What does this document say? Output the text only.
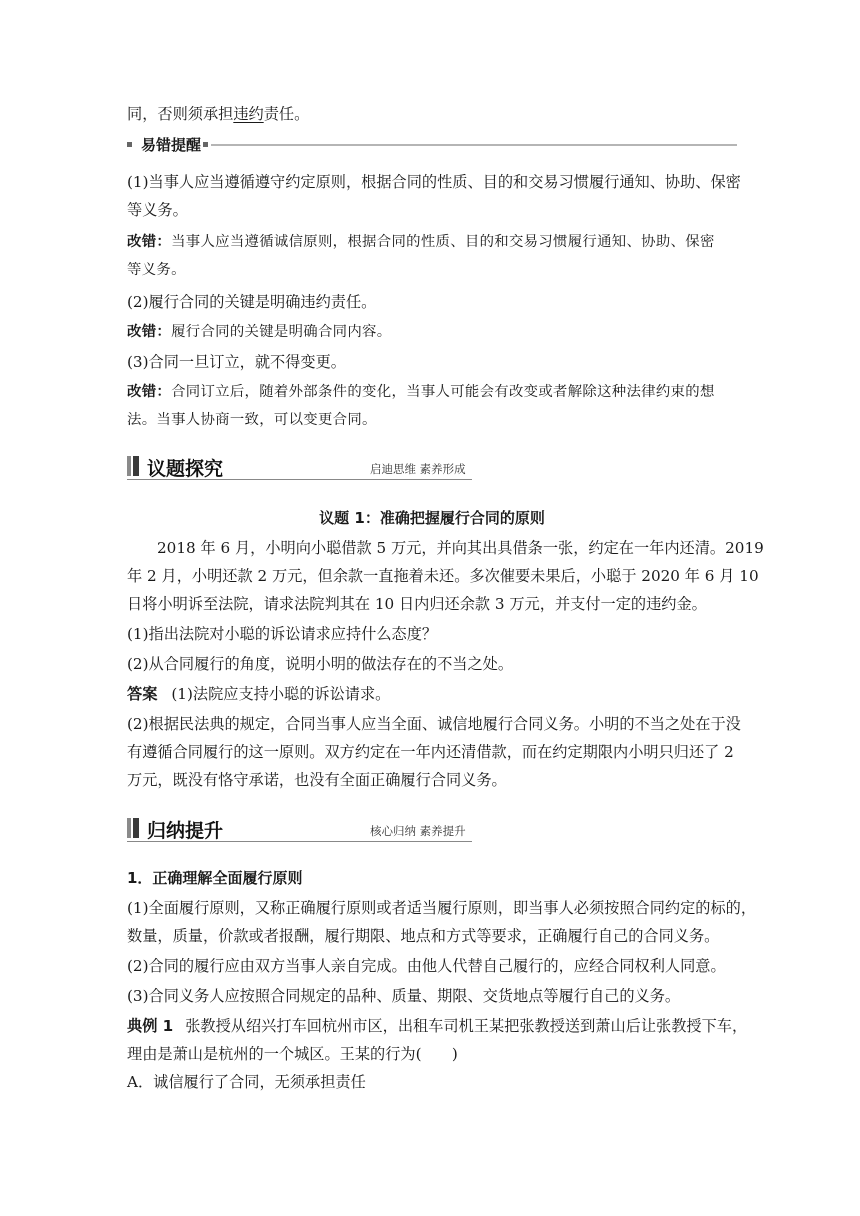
同，否则须承担违约责任。
易错提醒
(1)当事人应当遵循遵守约定原则，根据合同的性质、目的和交易习惯履行通知、协助、保密
等义务。
改错：当事人应当遵循诚信原则，根据合同的性质、目的和交易习惯履行通知、协助、保密
等义务。
(2)履行合同的关键是明确违约责任。
改错：履行合同的关键是明确合同内容。
(3)合同一旦订立，就不得变更。
改错：合同订立后，随着外部条件的变化，当事人可能会有改变或者解除这种法律约束的想
法。当事人协商一致，可以变更合同。
议题探究	启迪思维 素养形成
议题 1：准确把握履行合同的原则
2018 年 6 月，小明向小聪借款 5 万元，并向其出具借条一张，约定在一年内还清。2019
年 2 月，小明还款 2 万元，但余款一直拖着未还。多次催要未果后，小聪于 2020 年 6 月 10
日将小明诉至法院，请求法院判其在 10 日内归还余款 3 万元，并支付一定的违约金。
(1)指出法院对小聪的诉讼请求应持什么态度？
(2)从合同履行的角度，说明小明的做法存在的不当之处。
答案 (1)法院应支持小聪的诉讼请求。
(2)根据民法典的规定，合同当事人应当全面、诚信地履行合同义务。小明的不当之处在于没
有遵循合同履行的这一原则。双方约定在一年内还清借款，而在约定期限内小明只归还了 2
万元，既没有恪守承诺，也没有全面正确履行合同义务。
归纳提升	核心归纳 素养提升
1．正确理解全面履行原则
(1)全面履行原则，又称正确履行原则或者适当履行原则，即当事人必须按照合同约定的标的，
数量，质量，价款或者报酬，履行期限、地点和方式等要求，正确履行自己的合同义务。
(2)合同的履行应由双方当事人亲自完成。由他人代替自己履行的，应经合同权利人同意。
(3)合同义务人应按照合同规定的品种、质量、期限、交货地点等履行自己的义务。
典例 1 张教授从绍兴打车回杭州市区，出租车司机王某把张教授送到萧山后让张教授下车，
理由是萧山是杭州的一个城区。王某的行为(　　)
A．诚信履行了合同，无须承担责任
